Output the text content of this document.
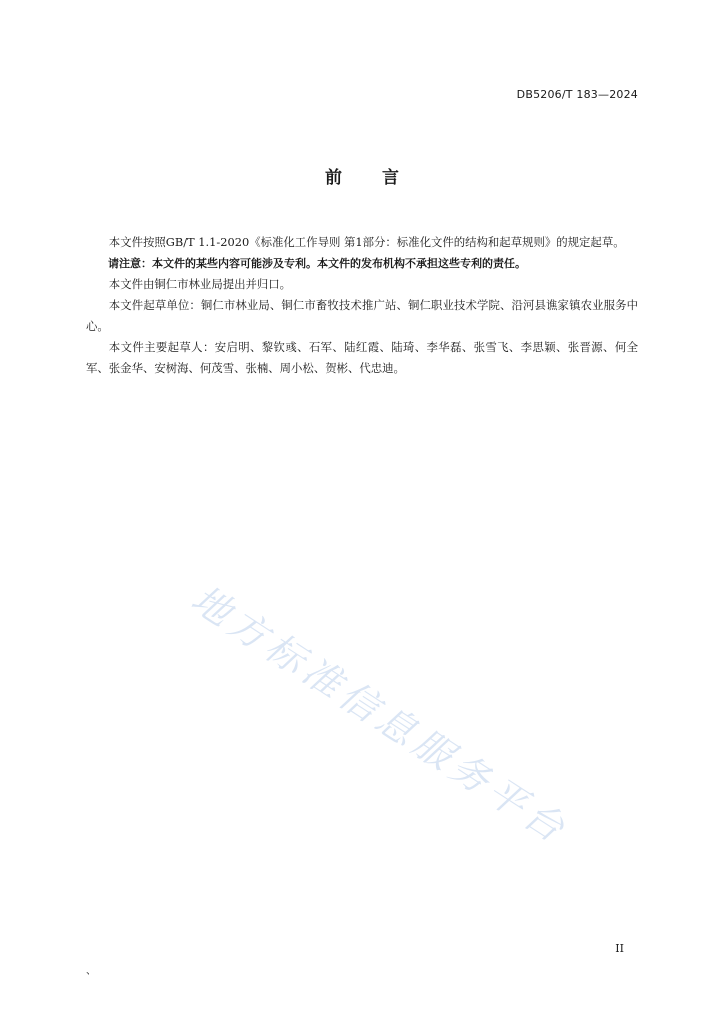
DB5206/T 183—2024
前言

本文件按照GB/T 1.1-2020《标准化工作导则 第1部分：标准化文件的结构和起草规则》的规定起草。

请注意：本文件的某些内容可能涉及专利。本文件的发布机构不承担这些专利的责任。

本文件由铜仁市林业局提出并归口。

本文件起草单位：铜仁市林业局、铜仁市畜牧技术推广站、铜仁职业技术学院、沿河县谯家镇农业服务中心。

本文件主要起草人：安启明、黎钦彧、石军、陆红霞、陆琦、李华磊、张雪飞、李思颖、张晋源、何全军、张金华、安树海、何茂雪、张楠、周小松、贺彬、代忠迪。

地方标准信息服务平台
II
、
